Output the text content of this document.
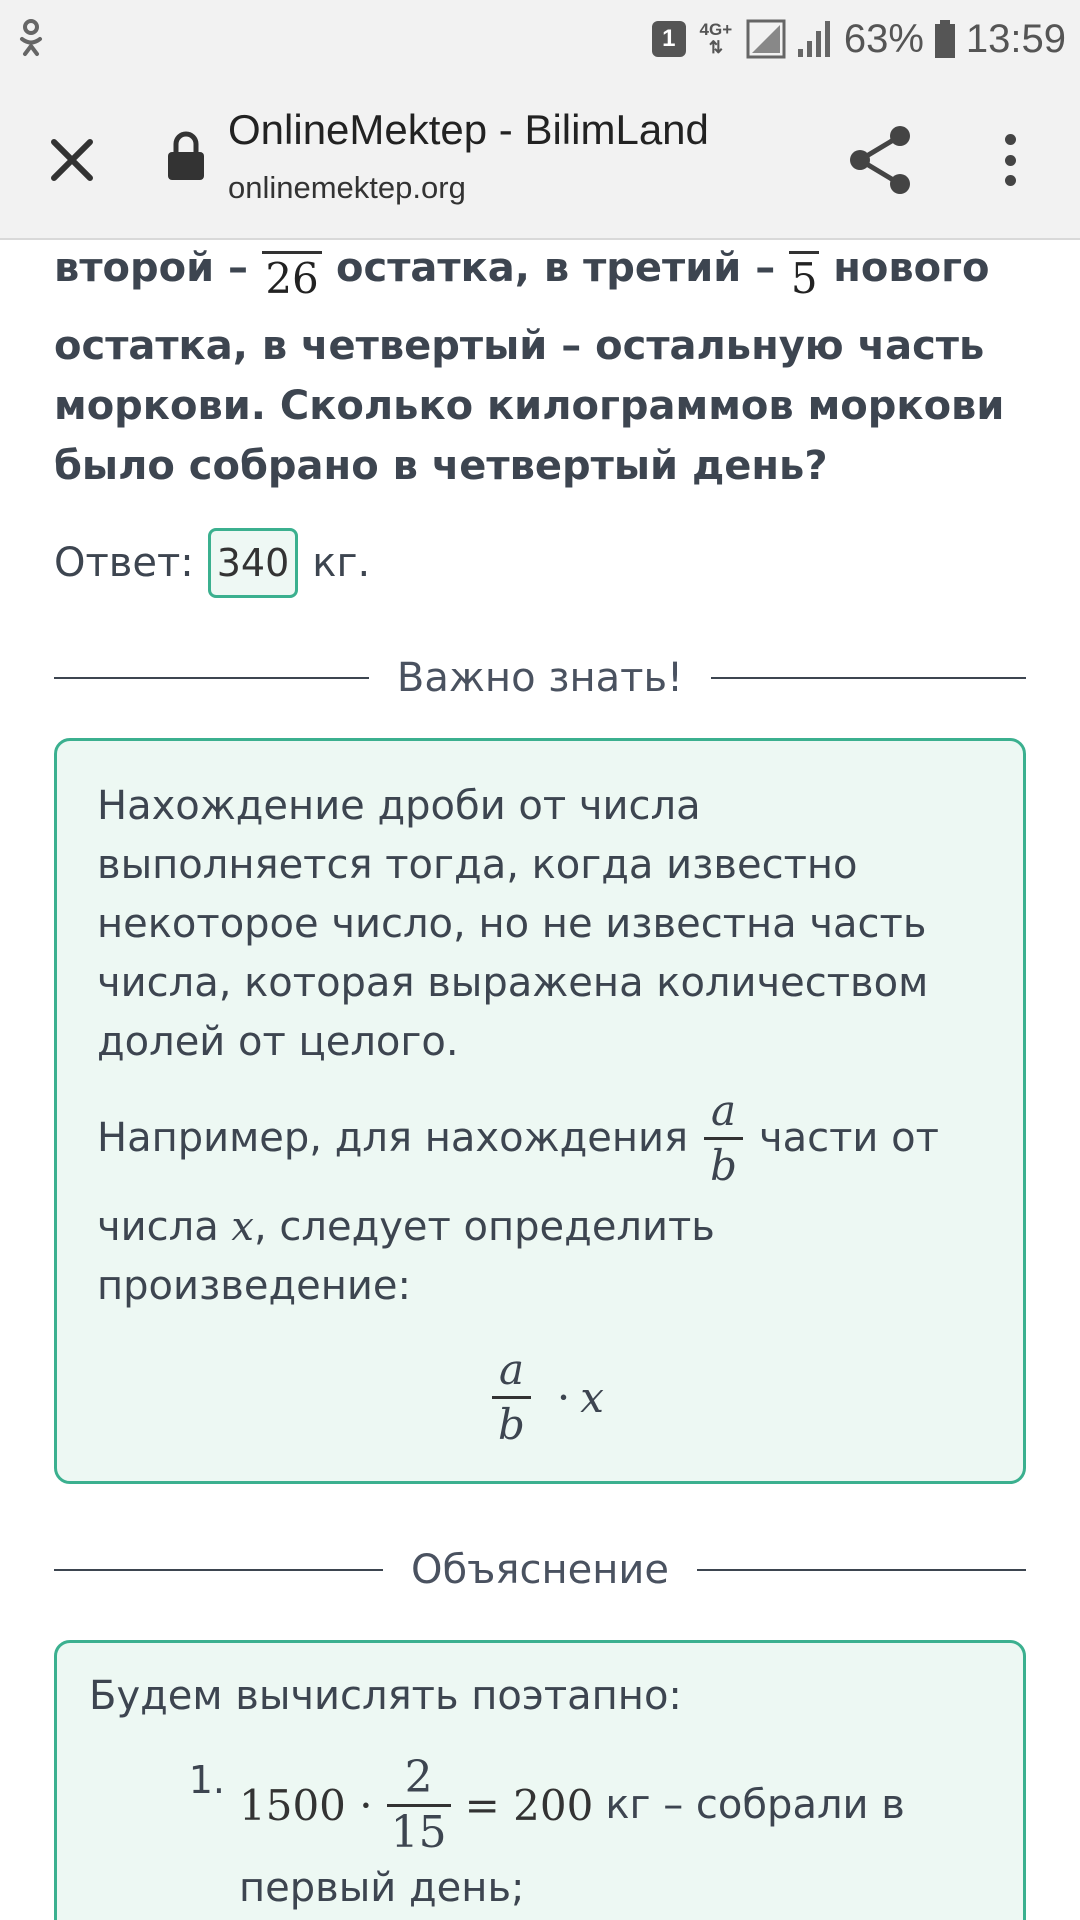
1	4G+
⇅	63% 13:59
OnlineMektep - BilimLand
onlinemektep.org
второй – 26 остатка, в третий – 5 нового
остатка, в четвертый – остальную часть моркови. Сколько килограммов моркови было собрано в четвертый день?
Ответ: 340 кг.
Важно знать!
Нахождение дроби от числа выполняется тогда, когда известно некоторое число, но не известна часть числа, которая выражена количеством долей от целого.
Например, для нахождения $\frac{a}{b}$ части от
числа x, следует определить произведение:
$\frac{a}{b} \cdot x$
Объяснение
Будем вычислять поэтапно:
1.
$1500 \cdot \frac{2}{15} = 200$ кг – собрали в
первый день;
